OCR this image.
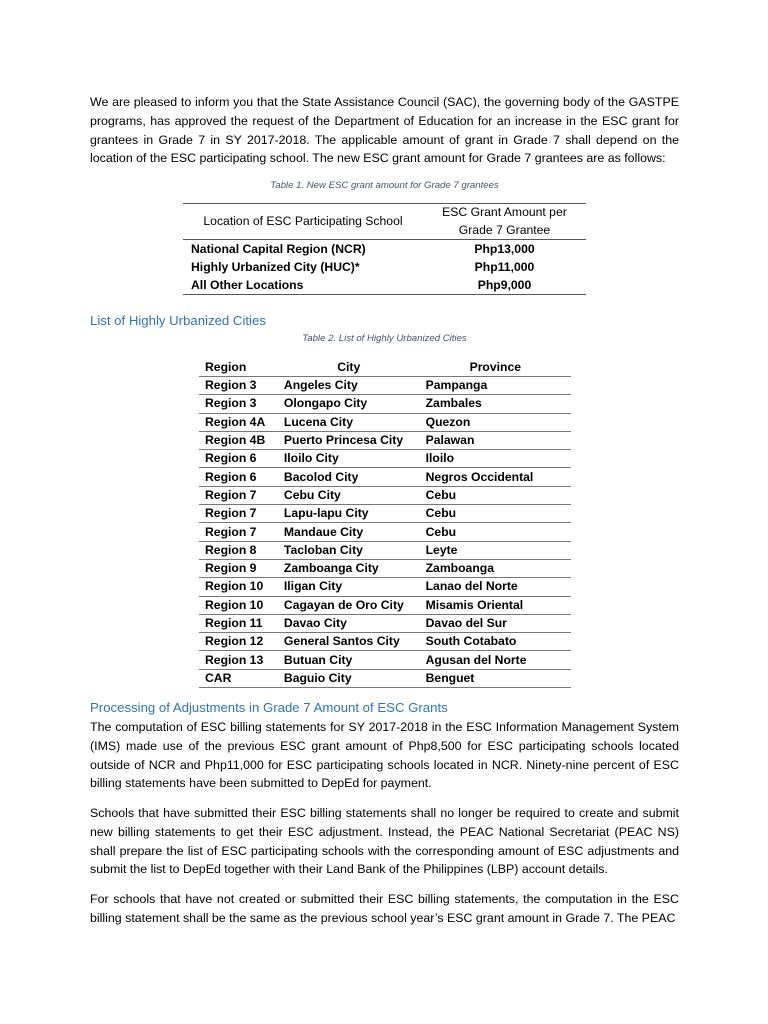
We are pleased to inform you that the State Assistance Council (SAC), the governing body of the GASTPE programs, has approved the request of the Department of Education for an increase in the ESC grant for grantees in Grade 7 in SY 2017-2018. The applicable amount of grant in Grade 7 shall depend on the location of the ESC participating school. The new ESC grant amount for Grade 7 grantees are as follows:

Table 1. New ESC grant amount for Grade 7 grantees

Location of ESC Participating School	ESC Grant Amount per Grade 7 Grantee
National Capital Region (NCR)	Php13,000
Highly Urbanized City (HUC)*	Php11,000
All Other Locations	Php9,000

List of Highly Urbanized Cities

Table 2. List of Highly Urbanized Cities

Region	City	Province
Region 3	Angeles City	Pampanga
Region 3	Olongapo City	Zambales
Region 4A	Lucena City	Quezon
Region 4B	Puerto Princesa City	Palawan
Region 6	Iloilo City	Iloilo
Region 6	Bacolod City	Negros Occidental
Region 7	Cebu City	Cebu
Region 7	Lapu-lapu City	Cebu
Region 7	Mandaue City	Cebu
Region 8	Tacloban City	Leyte
Region 9	Zamboanga City	Zamboanga
Region 10	Iligan City	Lanao del Norte
Region 10	Cagayan de Oro City	Misamis Oriental
Region 11	Davao City	Davao del Sur
Region 12	General Santos City	South Cotabato
Region 13	Butuan City	Agusan del Norte
CAR	Baguio City	Benguet

Processing of Adjustments in Grade 7 Amount of ESC Grants

The computation of ESC billing statements for SY 2017-2018 in the ESC Information Management System (IMS) made use of the previous ESC grant amount of Php8,500 for ESC participating schools located outside of NCR and Php11,000 for ESC participating schools located in NCR. Ninety-nine percent of ESC billing statements have been submitted to DepEd for payment.

Schools that have submitted their ESC billing statements shall no longer be required to create and submit new billing statements to get their ESC adjustment. Instead, the PEAC National Secretariat (PEAC NS) shall prepare the list of ESC participating schools with the corresponding amount of ESC adjustments and submit the list to DepEd together with their Land Bank of the Philippines (LBP) account details.

For schools that have not created or submitted their ESC billing statements, the computation in the ESC billing statement shall be the same as the previous school year’s ESC grant amount in Grade 7. The PEAC
